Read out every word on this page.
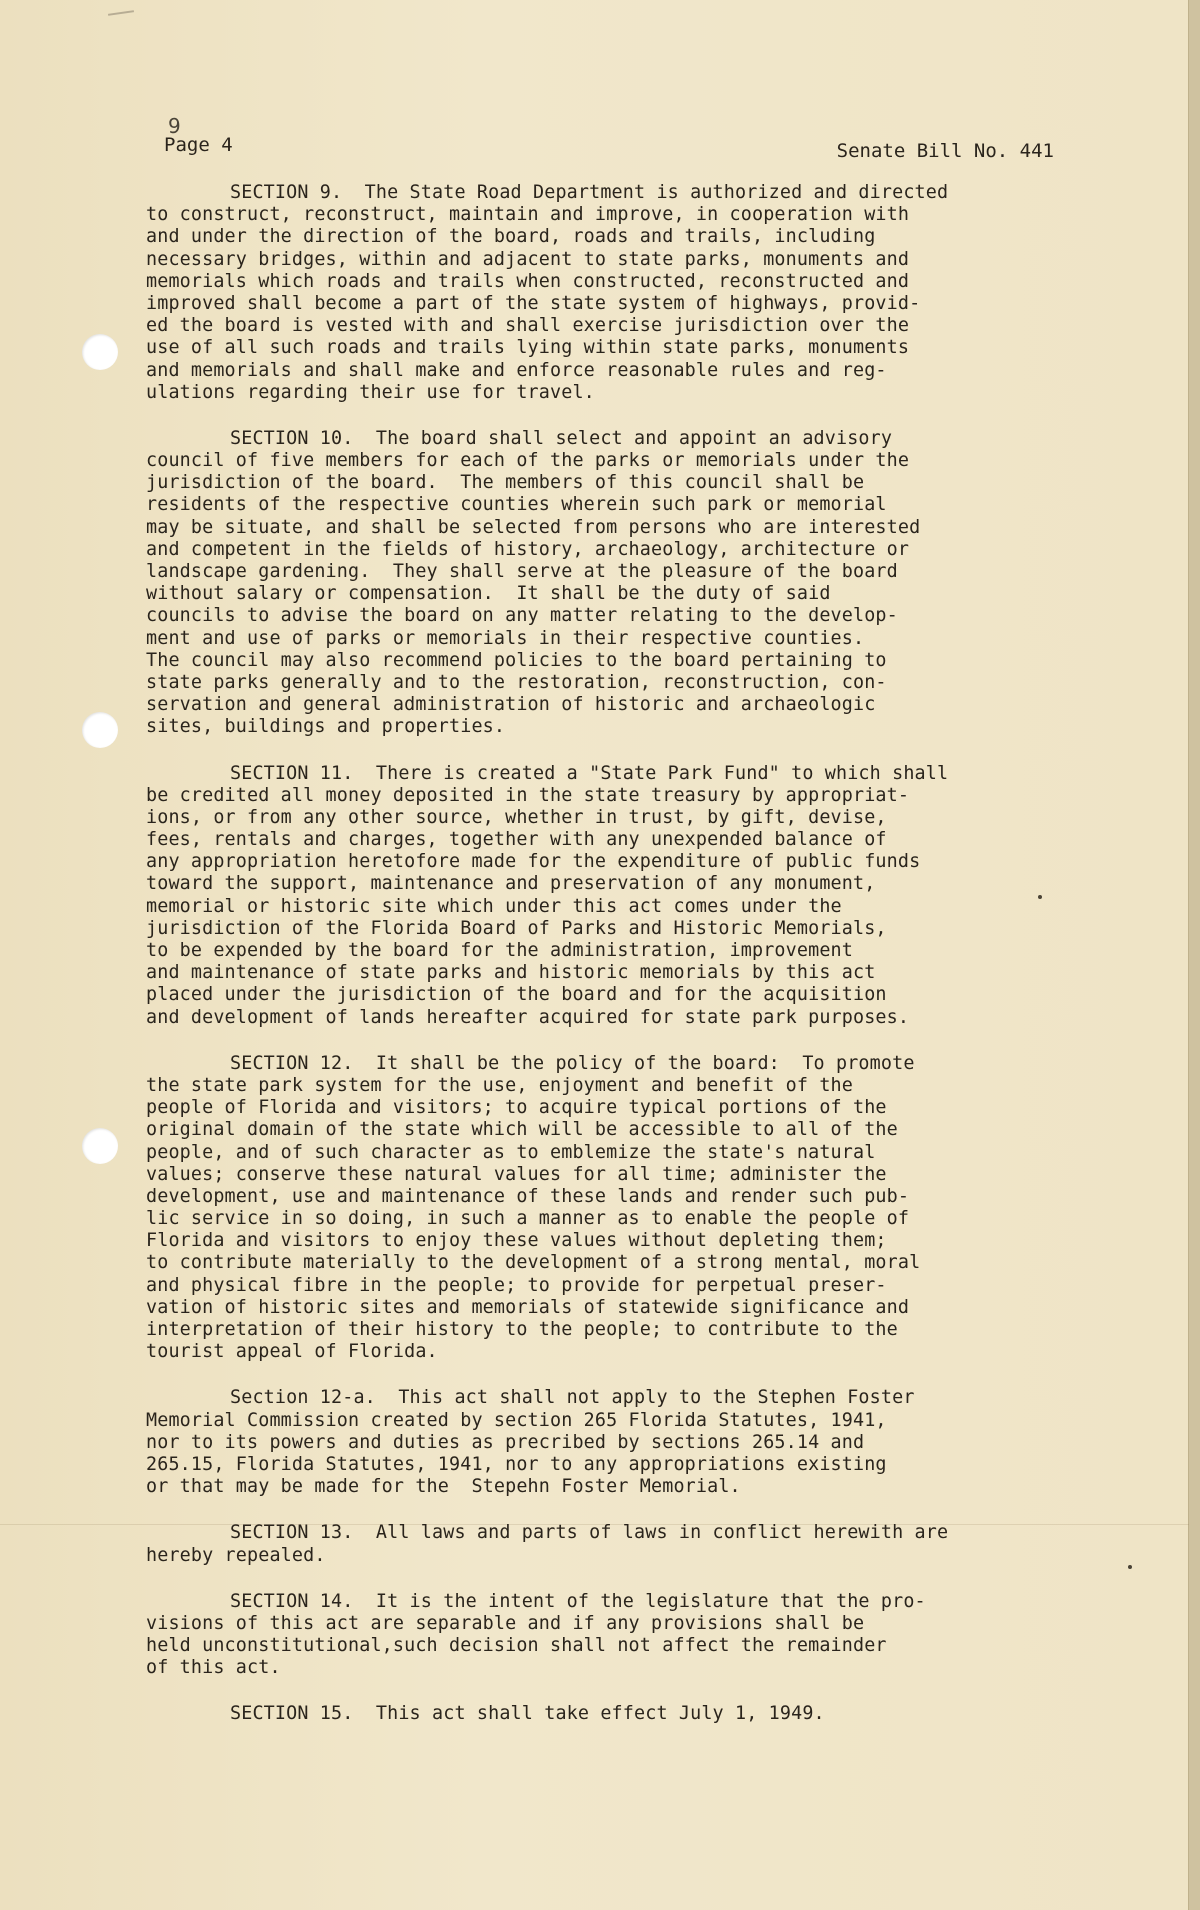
9
Page 4	Senate Bill No. 441
SECTION 9.  The State Road Department is authorized and directed
to construct, reconstruct, maintain and improve, in cooperation with
and under the direction of the board, roads and trails, including
necessary bridges, within and adjacent to state parks, monuments and
memorials which roads and trails when constructed, reconstructed and
improved shall become a part of the state system of highways, provid-
ed the board is vested with and shall exercise jurisdiction over the
use of all such roads and trails lying within state parks, monuments
and memorials and shall make and enforce reasonable rules and reg-
ulations regarding their use for travel.
SECTION 10.  The board shall select and appoint an advisory
council of five members for each of the parks or memorials under the
jurisdiction of the board.  The members of this council shall be
residents of the respective counties wherein such park or memorial
may be situate, and shall be selected from persons who are interested
and competent in the fields of history, archaeology, architecture or
landscape gardening.  They shall serve at the pleasure of the board
without salary or compensation.  It shall be the duty of said
councils to advise the board on any matter relating to the develop-
ment and use of parks or memorials in their respective counties.
The council may also recommend policies to the board pertaining to
state parks generally and to the restoration, reconstruction, con-
servation and general administration of historic and archaeologic
sites, buildings and properties.
SECTION 11.  There is created a "State Park Fund" to which shall
be credited all money deposited in the state treasury by appropriat-
ions, or from any other source, whether in trust, by gift, devise,
fees, rentals and charges, together with any unexpended balance of
any appropriation heretofore made for the expenditure of public funds
toward the support, maintenance and preservation of any monument,
memorial or historic site which under this act comes under the
jurisdiction of the Florida Board of Parks and Historic Memorials,
to be expended by the board for the administration, improvement
and maintenance of state parks and historic memorials by this act
placed under the jurisdiction of the board and for the acquisition
and development of lands hereafter acquired for state park purposes.
SECTION 12.  It shall be the policy of the board:  To promote
the state park system for the use, enjoyment and benefit of the
people of Florida and visitors; to acquire typical portions of the
original domain of the state which will be accessible to all of the
people, and of such character as to emblemize the state's natural
values; conserve these natural values for all time; administer the
development, use and maintenance of these lands and render such pub-
lic service in so doing, in such a manner as to enable the people of
Florida and visitors to enjoy these values without depleting them;
to contribute materially to the development of a strong mental, moral
and physical fibre in the people; to provide for perpetual preser-
vation of historic sites and memorials of statewide significance and
interpretation of their history to the people; to contribute to the
tourist appeal of Florida.
Section 12-a.  This act shall not apply to the Stephen Foster
Memorial Commission created by section 265 Florida Statutes, 1941,
nor to its powers and duties as precribed by sections 265.14 and
265.15, Florida Statutes, 1941, nor to any appropriations existing
or that may be made for the  Stepehn Foster Memorial.
SECTION 13.  All laws and parts of laws in conflict herewith are
hereby repealed.
SECTION 14.  It is the intent of the legislature that the pro-
visions of this act are separable and if any provisions shall be
held unconstitutional,such decision shall not affect the remainder
of this act.
SECTION 15.  This act shall take effect July 1, 1949.
